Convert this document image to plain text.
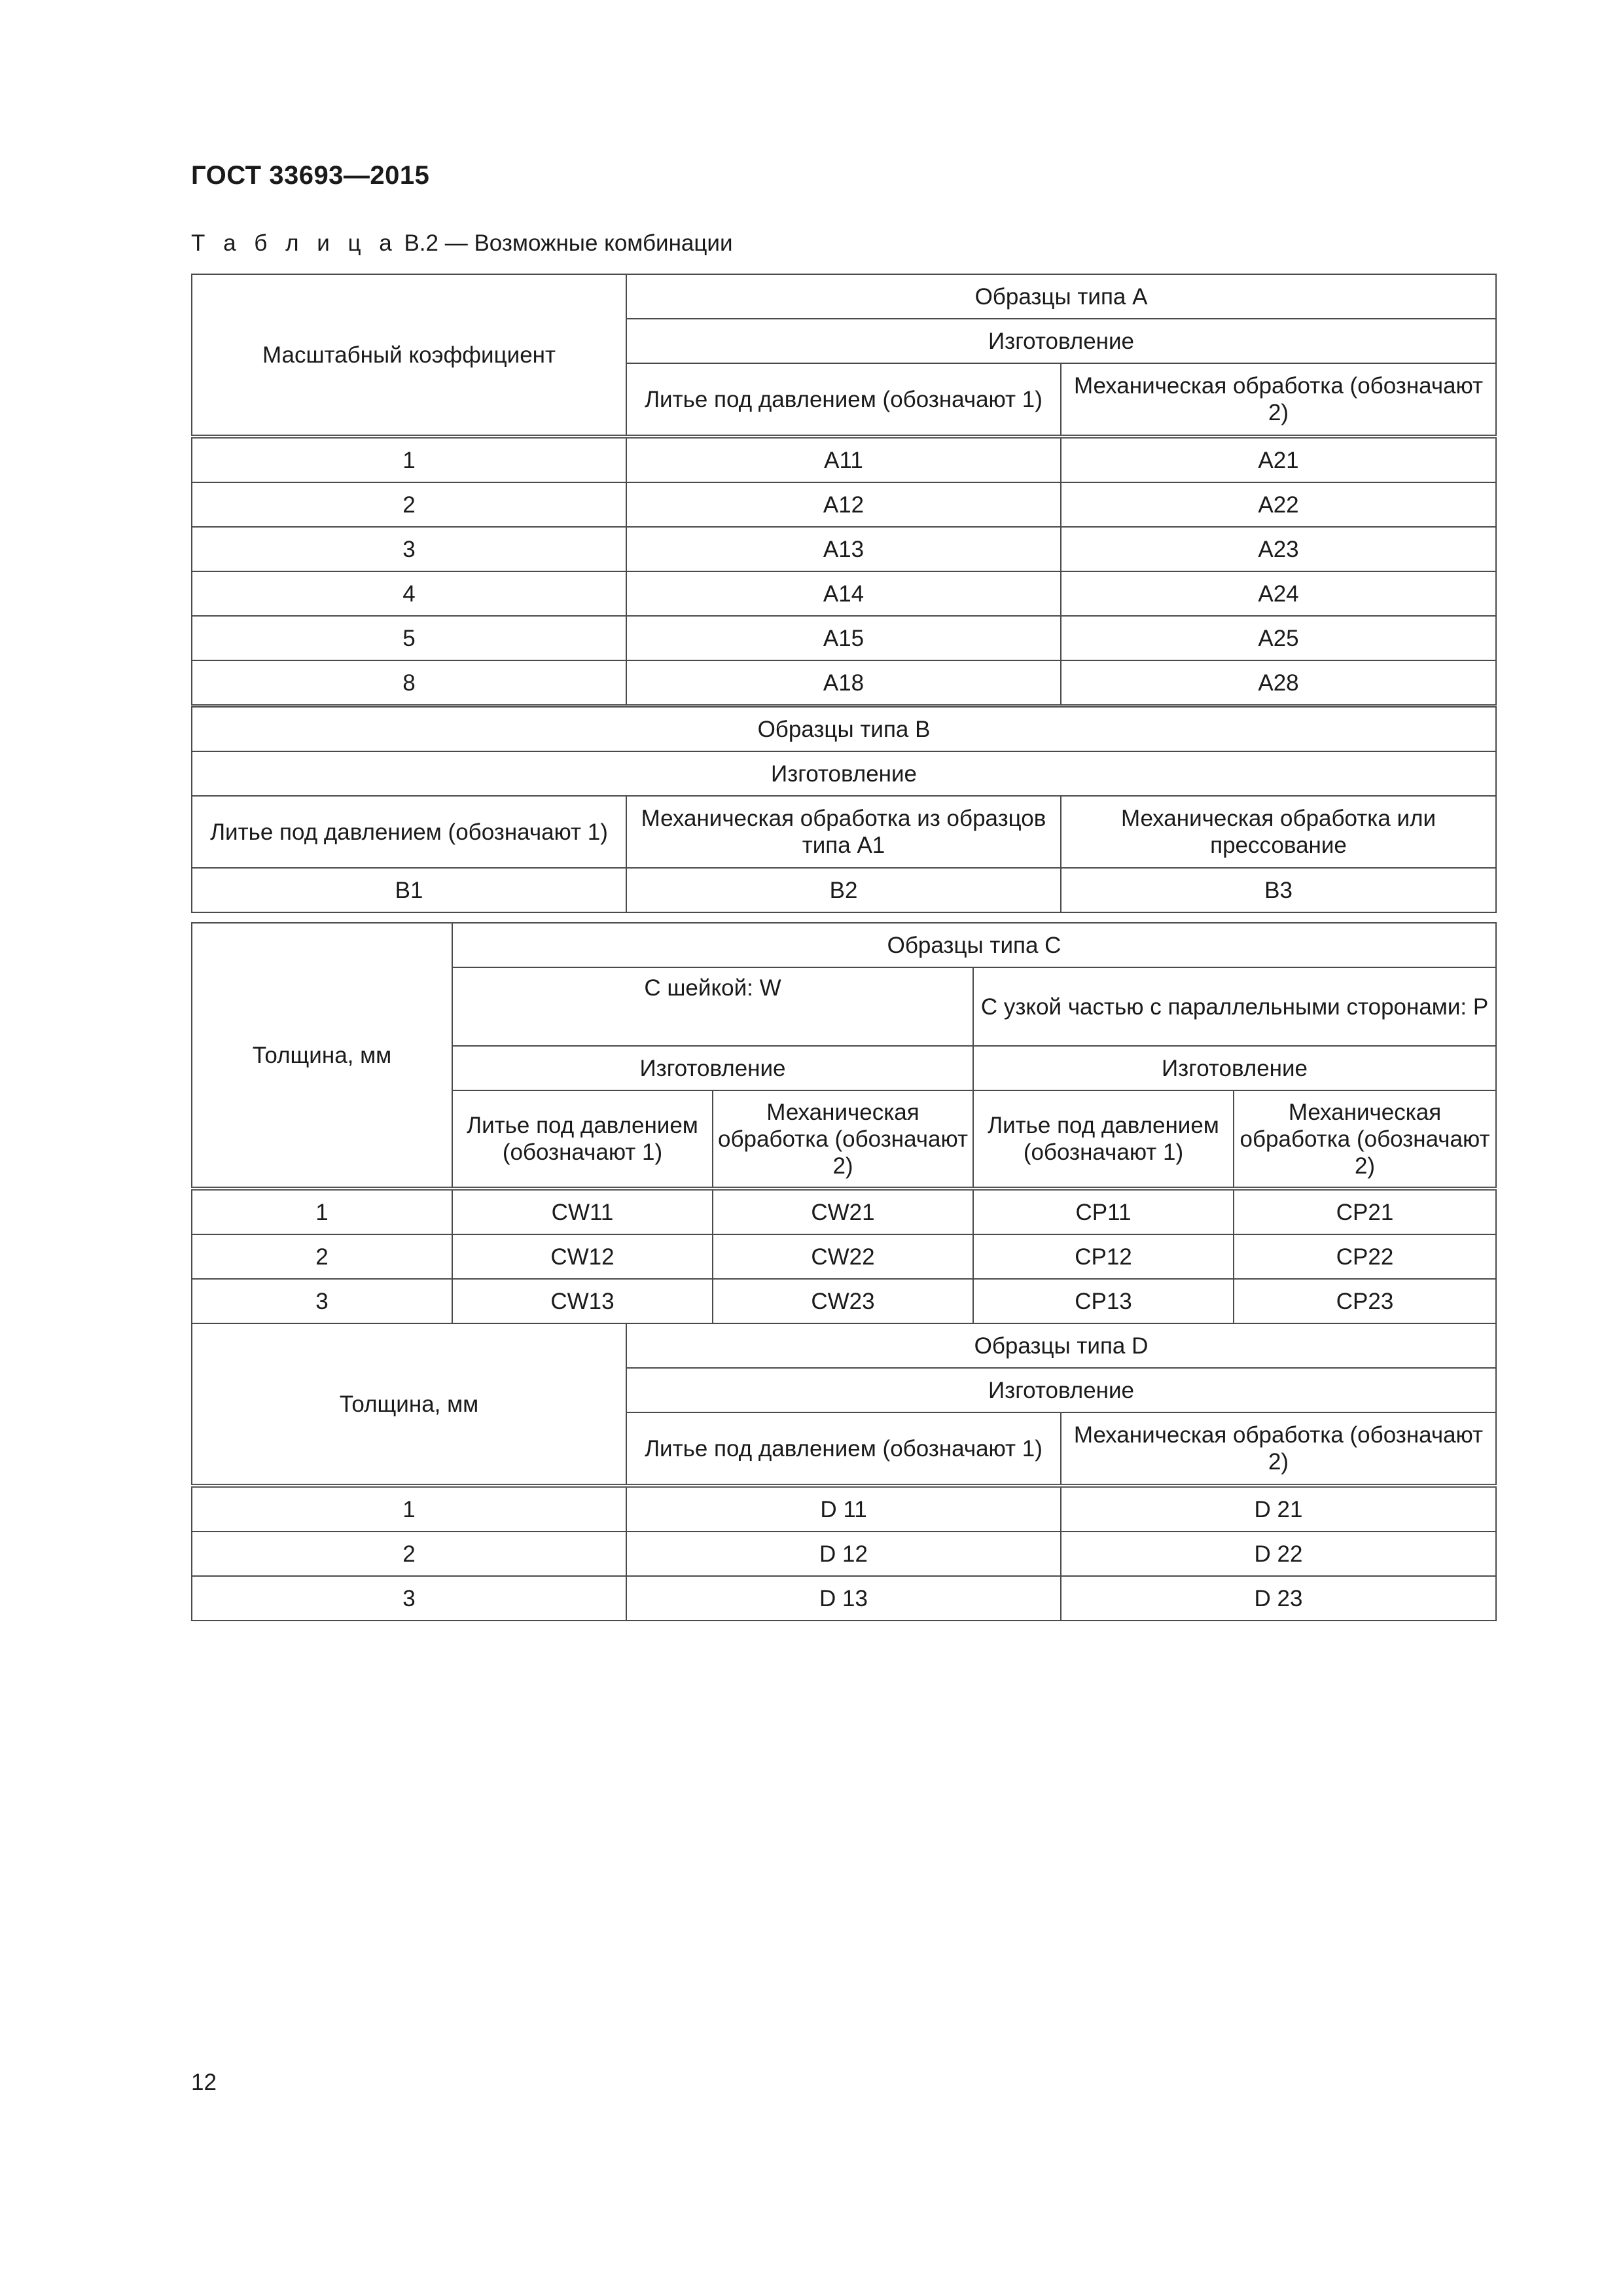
ГОСТ 33693—2015
Т а б л и ц а В.2 — Возможные комбинации
Масштабный коэффициент	Образцы типа A	
	Изготовление	
	Литье под давлением (обозначают 1)	Механическая обработка (обозначают 2)
1	A11	A21
2	A12	A22
3	A13	A23
4	A14	A24
5	A15	A25
8	A18	A28
Образцы типа B		
Изготовление		
Литье под давлением (обозначают 1)	Механическая обработка из образцов типа A1	Механическая обработка или прессование
B1	B2	B3
Толщина, мм	Образцы типа C			
	С шейкой: W		С узкой частью с параллельными сторонами: P	
	Изготовление		Изготовление	
	Литье под давлением (обозначают 1)	Механическая обработка (обозначают 2)	Литье под давлением (обозначают 1)	Механическая обработка (обозначают 2)
1	CW11	CW21	CP11	CP21
2	CW12	CW22	CP12	CP22
3	CW13	CW23	CP13	CP23
Толщина, мм	Образцы типа D	
	Изготовление	
	Литье под давлением (обозначают 1)	Механическая обработка (обозначают 2)
1	D 11	D 21
2	D 12	D 22
3	D 13	D 23
12
